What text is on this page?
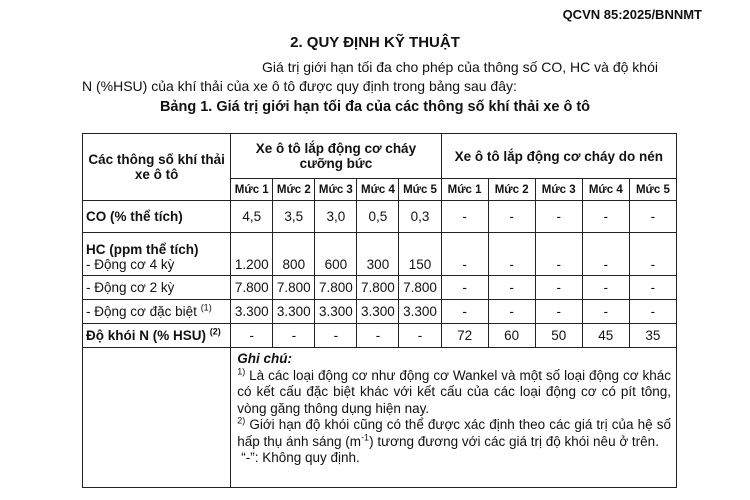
QCVN 85:2025/BNNMT
2. QUY ĐỊNH KỸ THUẬT
Giá trị giới hạn tối đa cho phép của thông số CO, HC và độ khói
N (%HSU) của khí thải của xe ô tô được quy định trong bảng sau đây:
Bảng 1. Giá trị giới hạn tối đa của các thông số khí thải xe ô tô
Các thông số khí thải xe ô tô	Xe ô tô lắp động cơ cháy cưỡng bức					Xe ô tô lắp động cơ cháy do nén				
	Mức 1	Mức 2	Mức 3	Mức 4	Mức 5	Mức 1	Mức 2	Mức 3	Mức 4	Mức 5
CO (% thể tích)	4,5	3,5	3,0	0,5	0,3	-	-	-	-	-

HC (ppm thể tích)
- Động cơ 4 kỳ	1.200	800	600	300	150	-	-	-	-	-
- Động cơ 2 kỳ	7.800	7.800	7.800	7.800	7.800	-	-	-	-	-
- Động cơ đặc biệt $^{(1)}$	3.300	3.300	3.300	3.300	3.300	-	-	-	-	-
Độ khói N (% HSU) $^{(2)}$	-	-	-	-	-	72	60	50	45	35

	Ghi chú:
$^{1)}$ Là các loại động cơ như động cơ Wankel và một số loại động cơ khác có kết cấu đặc biệt khác với kết cấu của các loại động cơ có pít tông, vòng găng thông dụng hiện nay.
$^{2)}$ Giới hạn độ khói cũng có thể được xác định theo các giá trị của hệ số hấp thụ ánh sáng $(m^{-1})$ tương đương với các giá trị độ khói nêu ở trên.
“-”: Không quy định.									
